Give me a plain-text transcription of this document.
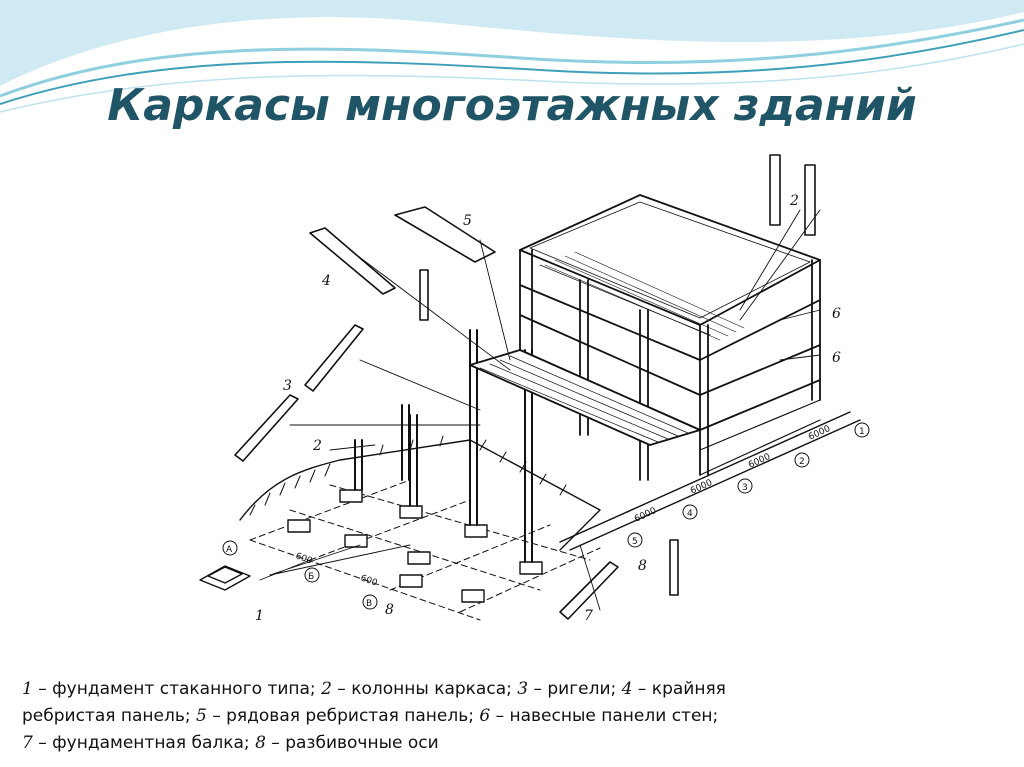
Каркасы многоэтажных зданий
1
2
2
3
4
5
6
6
7
8
8
1
2
3
4
5
А
Б
В
6000
6000
6000
6000
600
600
1 – фундамент стаканного типа; 2 – колонны каркаса; 3 – ригели; 4 – крайняя
ребристая панель; 5 – рядовая ребристая панель; 6 – навесные панели стен;
7 – фундаментная балка; 8 – разбивочные оси
